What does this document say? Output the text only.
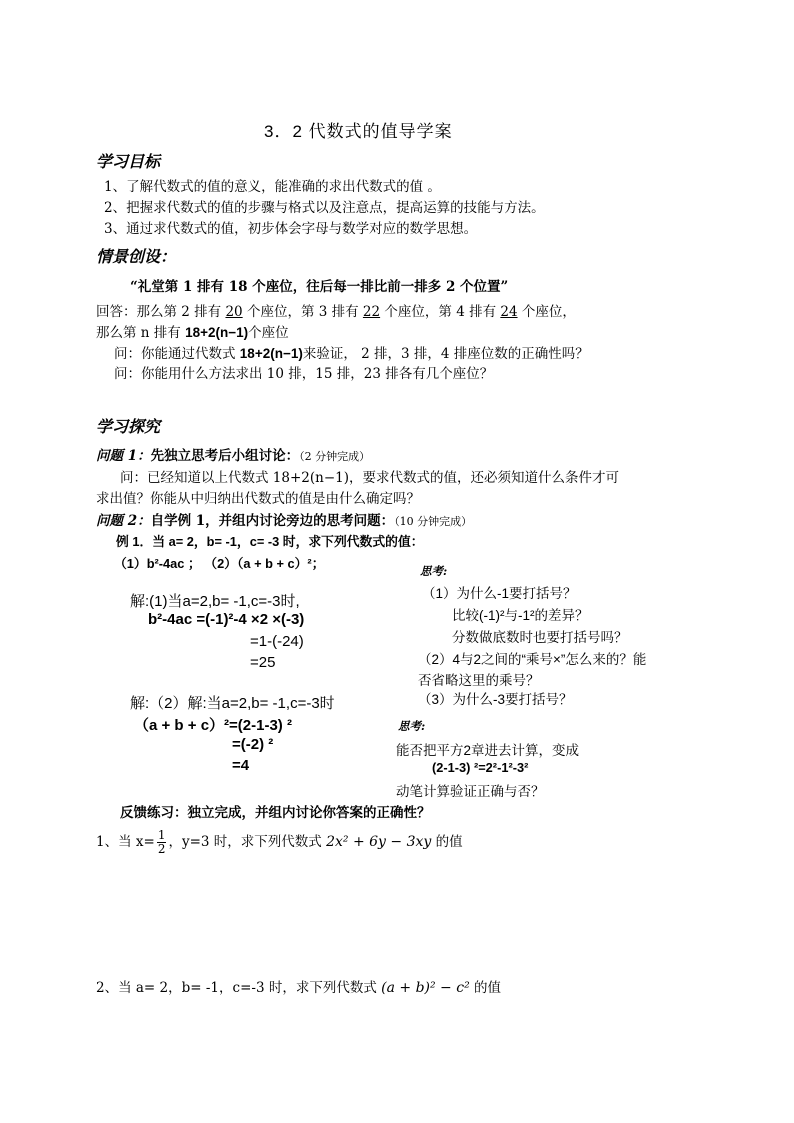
3．2 代数式的值导学案
学习目标
1、了解代数式的值的意义，能准确的求出代数式的值 。
2、把握求代数式的值的步骤与格式以及注意点，提高运算的技能与方法。
3、通过求代数式的值，初步体会字母与数学对应的数学思想。
情景创设：
“礼堂第 1 排有 18 个座位，往后每一排比前一排多 2 个位置”
回答：那么第 2 排有 20 个座位，第 3 排有 22 个座位，第 4 排有 24 个座位，
那么第 n 排有 18+2(n−1)个座位
问：你能通过代数式 18+2(n−1)来验证， 2 排，3 排，4 排座位数的正确性吗？
问：你能用什么方法求出 10 排，15 排，23 排各有几个座位？
学习探究
问题 1：先独立思考后小组讨论：（2 分钟完成）
问：已经知道以上代数式 18+2(n−1)，要求代数式的值，还必须知道什么条件才可
求出值？你能从中归纳出代数式的值是由什么确定吗？
问题 2：自学例 1，并组内讨论旁边的思考问题：（10 分钟完成）
例 1．当 a= 2，b= -1，c= -3 时，求下列代数式的值：
（1）b²-4ac ； （2）（a + b + c）²；
解:(1)当a=2,b= -1,c=-3时,
b²-4ac =(-1)²-4 ×2 ×(-3)
=1-(-24)
=25
解:（2）解:当a=2,b= -1,c=-3时
（a + b + c）²=(2-1-3) ²
=(-2) ²
=4
思考:
（1）为什么-1要打括号？
比较(-1)²与-1²的差异？
分数做底数时也要打括号吗？
（2）4与2之间的“乘号×”怎么来的？能
否省略这里的乘号？
（3）为什么-3要打括号？
思考:
能否把平方2章进去计算，变成
(2-1-3) ²=2²-1²-3²
动笔计算验证正确与否？
反馈练习：独立完成，并组内讨论你答案的正确性？
1、当 $x= \frac{1}{2}$ ，y=3 时，求下列代数式 2x² + 6y − 3xy 的值
2、当 a= 2，b= -1，c=-3 时，求下列代数式 (a + b)² − c² 的值
